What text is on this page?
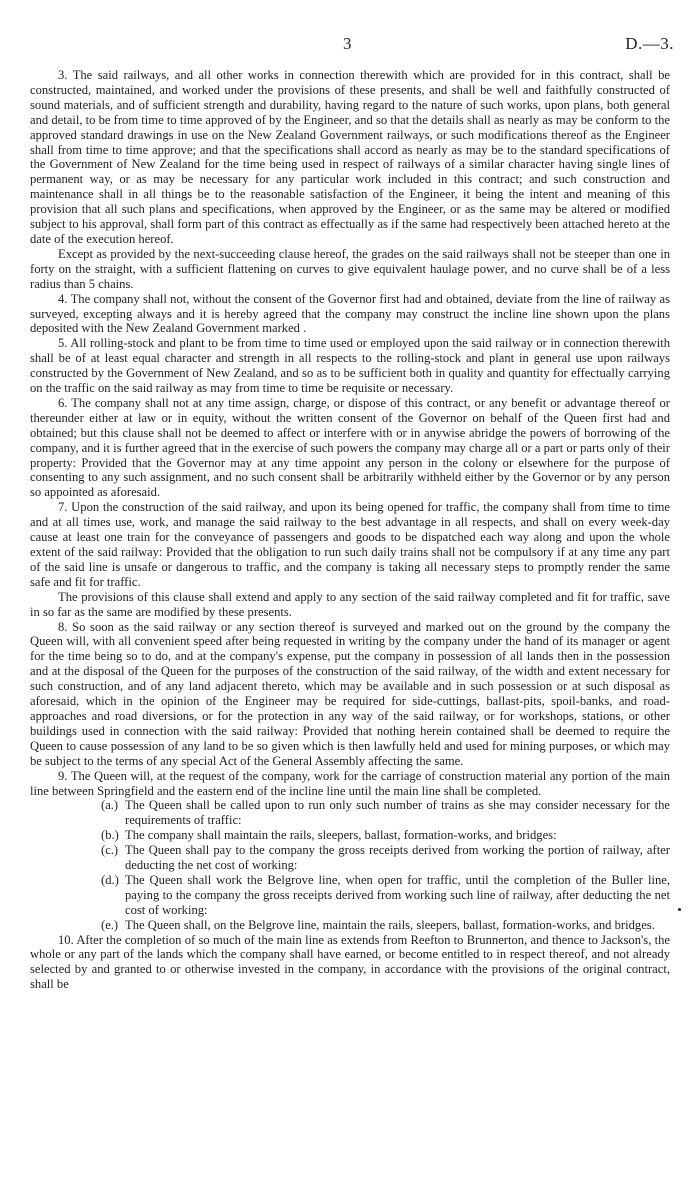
3	D.—3.

3. The said railways, and all other works in connection therewith which are provided for in this contract, shall be constructed, maintained, and worked under the provisions of these presents, and shall be well and faithfully constructed of sound materials, and of sufficient strength and durability, having regard to the nature of such works, upon plans, both general and detail, to be from time to time approved of by the Engineer, and so that the details shall as nearly as may be conform to the approved standard drawings in use on the New Zealand Government railways, or such modifications thereof as the Engineer shall from time to time approve; and that the specifications shall accord as nearly as may be to the standard specifications of the Government of New Zealand for the time being used in respect of railways of a similar character having single lines of permanent way, or as may be necessary for any particular work included in this contract; and such construction and maintenance shall in all things be to the reasonable satisfaction of the Engineer, it being the intent and meaning of this provision that all such plans and specifications, when approved by the Engineer, or as the same may be altered or modified subject to his approval, shall form part of this contract as effectually as if the same had respectively been attached hereto at the date of the execution hereof.

Except as provided by the next-succeeding clause hereof, the grades on the said railways shall not be steeper than one in forty on the straight, with a sufficient flattening on curves to give equivalent haulage power, and no curve shall be of a less radius than 5 chains.

4. The company shall not, without the consent of the Governor first had and obtained, deviate from the line of railway as surveyed, excepting always and it is hereby agreed that the company may construct the incline line shown upon the plans deposited with the New Zealand Government marked .

5. All rolling-stock and plant to be from time to time used or employed upon the said railway or in connection therewith shall be of at least equal character and strength in all respects to the rolling-stock and plant in general use upon railways constructed by the Government of New Zealand, and so as to be sufficient both in quality and quantity for effectually carrying on the traffic on the said railway as may from time to time be requisite or necessary.

6. The company shall not at any time assign, charge, or dispose of this contract, or any benefit or advantage thereof or thereunder either at law or in equity, without the written consent of the Governor on behalf of the Queen first had and obtained; but this clause shall not be deemed to affect or interfere with or in anywise abridge the powers of borrowing of the company, and it is further agreed that in the exercise of such powers the company may charge all or a part or parts only of their property: Provided that the Governor may at any time appoint any person in the colony or elsewhere for the purpose of consenting to any such assignment, and no such consent shall be arbitrarily withheld either by the Governor or by any person so appointed as aforesaid.

7. Upon the construction of the said railway, and upon its being opened for traffic, the company shall from time to time and at all times use, work, and manage the said railway to the best advantage in all respects, and shall on every week-day cause at least one train for the conveyance of passengers and goods to be dispatched each way along and upon the whole extent of the said railway: Provided that the obligation to run such daily trains shall not be compulsory if at any time any part of the said line is unsafe or dangerous to traffic, and the company is taking all necessary steps to promptly render the same safe and fit for traffic.

The provisions of this clause shall extend and apply to any section of the said railway completed and fit for traffic, save in so far as the same are modified by these presents.

8. So soon as the said railway or any section thereof is surveyed and marked out on the ground by the company the Queen will, with all convenient speed after being requested in writing by the company under the hand of its manager or agent for the time being so to do, and at the company's expense, put the company in possession of all lands then in the possession and at the disposal of the Queen for the purposes of the construction of the said railway, of the width and extent necessary for such construction, and of any land adjacent thereto, which may be available and in such possession or at such disposal as aforesaid, which in the opinion of the Engineer may be required for side-cuttings, ballast-pits, spoil-banks, and road-approaches and road diversions, or for the protection in any way of the said railway, or for workshops, stations, or other buildings used in connection with the said railway: Provided that nothing herein contained shall be deemed to require the Queen to cause possession of any land to be so given which is then lawfully held and used for mining purposes, or which may be subject to the terms of any special Act of the General Assembly affecting the same.

9. The Queen will, at the request of the company, work for the carriage of construction material any portion of the main line between Springfield and the eastern end of the incline line until the main line shall be completed.

(a.) The Queen shall be called upon to run only such number of trains as she may consider necessary for the requirements of traffic:
(b.) The company shall maintain the rails, sleepers, ballast, formation-works, and bridges:
(c.) The Queen shall pay to the company the gross receipts derived from working the portion of railway, after deducting the net cost of working:
(d.) The Queen shall work the Belgrove line, when open for traffic, until the completion of the Buller line, paying to the company the gross receipts derived from working such line of railway, after deducting the net cost of working:
(e.) The Queen shall, on the Belgrove line, maintain the rails, sleepers, ballast, formation-works, and bridges.

10. After the completion of so much of the main line as extends from Reefton to Brunnerton, and thence to Jackson's, the whole or any part of the lands which the company shall have earned, or become entitled to in respect thereof, and not already selected by and granted to or otherwise invested in the company, in accordance with the provisions of the original contract, shall be
